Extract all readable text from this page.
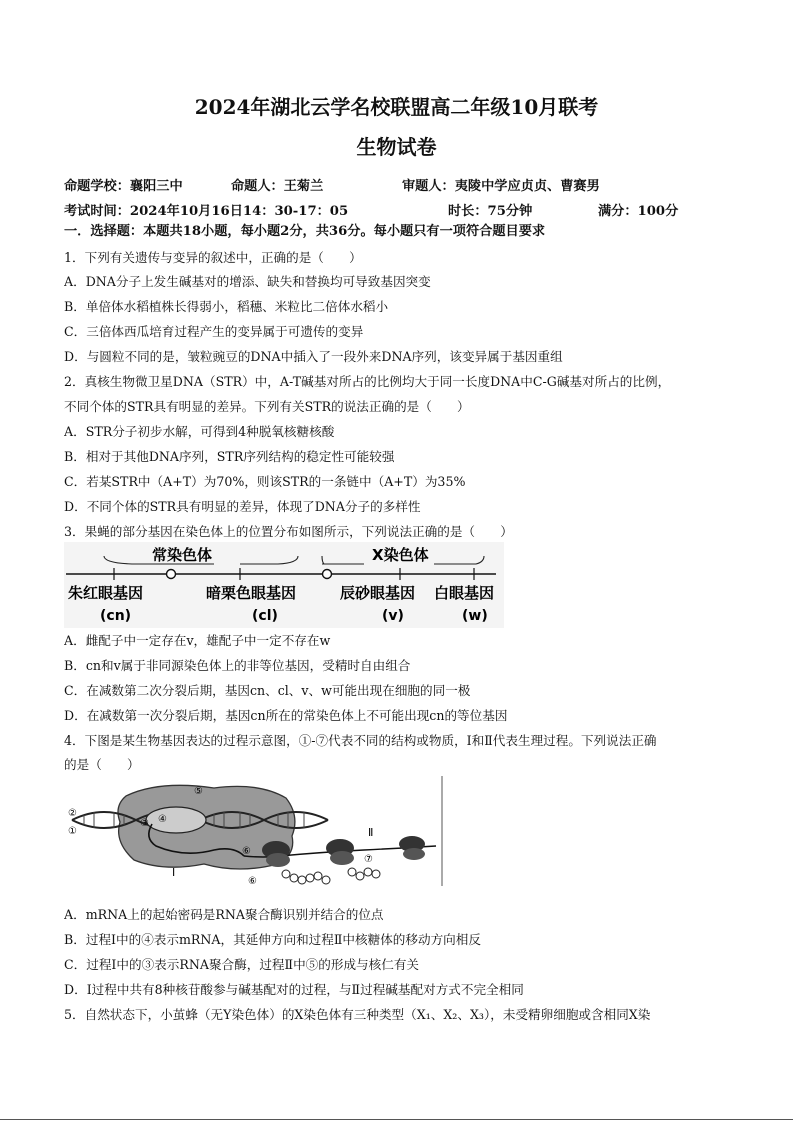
2024年湖北云学名校联盟高二年级10月联考
生物试卷
命题学校：襄阳三中	命题人：王菊兰	审题人：夷陵中学应贞贞、曹赛男
考试时间：2024年10月16日14：30-17：05	时长：75分钟	满分：100分
一．选择题：本题共18小题，每小题2分，共36分。每小题只有一项符合题目要求
1．下列有关遗传与变异的叙述中，正确的是（　　）
A．DNA分子上发生碱基对的增添、缺失和替换均可导致基因突变
B．单倍体水稻植株长得弱小，稻穗、米粒比二倍体水稻小
C．三倍体西瓜培育过程产生的变异属于可遗传的变异
D．与圆粒不同的是，皱粒豌豆的DNA中插入了一段外来DNA序列，该变异属于基因重组
2．真核生物微卫星DNA（STR）中，A-T碱基对所占的比例均大于同一长度DNA中C-G碱基对所占的比例，
不同个体的STR具有明显的差异。下列有关STR的说法正确的是（　　）
A．STR分子初步水解，可得到4种脱氧核糖核酸
B．相对于其他DNA序列，STR序列结构的稳定性可能较强
C．若某STR中（A+T）为70%，则该STR的一条链中（A+T）为35%
D．不同个体的STR具有明显的差异，体现了DNA分子的多样性
3．果蝇的部分基因在染色体上的位置分布如图所示，下列说法正确的是（　　）
常染色体	X染色体
朱红眼基因
(cn)
暗栗色眼基因
(cl)
辰砂眼基因
(v)
白眼基因
(w)
A．雌配子中一定存在v，雄配子中一定不存在w
B．cn和v属于非同源染色体上的非等位基因，受精时自由组合
C．在减数第二次分裂后期，基因cn、cl、v、w可能出现在细胞的同一极
D．在减数第一次分裂后期，基因cn所在的常染色体上不可能出现cn的等位基因
4．下图是某生物基因表达的过程示意图，①-⑦代表不同的结构或物质，Ⅰ和Ⅱ代表生理过程。下列说法正确
的是（　　）
②
①
⑤
③ ④
⑥
⑥
⑦
Ⅰ
Ⅱ
A．mRNA上的起始密码是RNA聚合酶识别并结合的位点
B．过程Ⅰ中的④表示mRNA，其延伸方向和过程Ⅱ中核糖体的移动方向相反
C．过程Ⅰ中的③表示RNA聚合酶，过程Ⅱ中⑤的形成与核仁有关
D．Ⅰ过程中共有8种核苷酸参与碱基配对的过程，与Ⅱ过程碱基配对方式不完全相同
5．自然状态下，小茧蜂（无Y染色体）的X染色体有三种类型（X₁、X₂、X₃），未受精卵细胞或含相同X染
